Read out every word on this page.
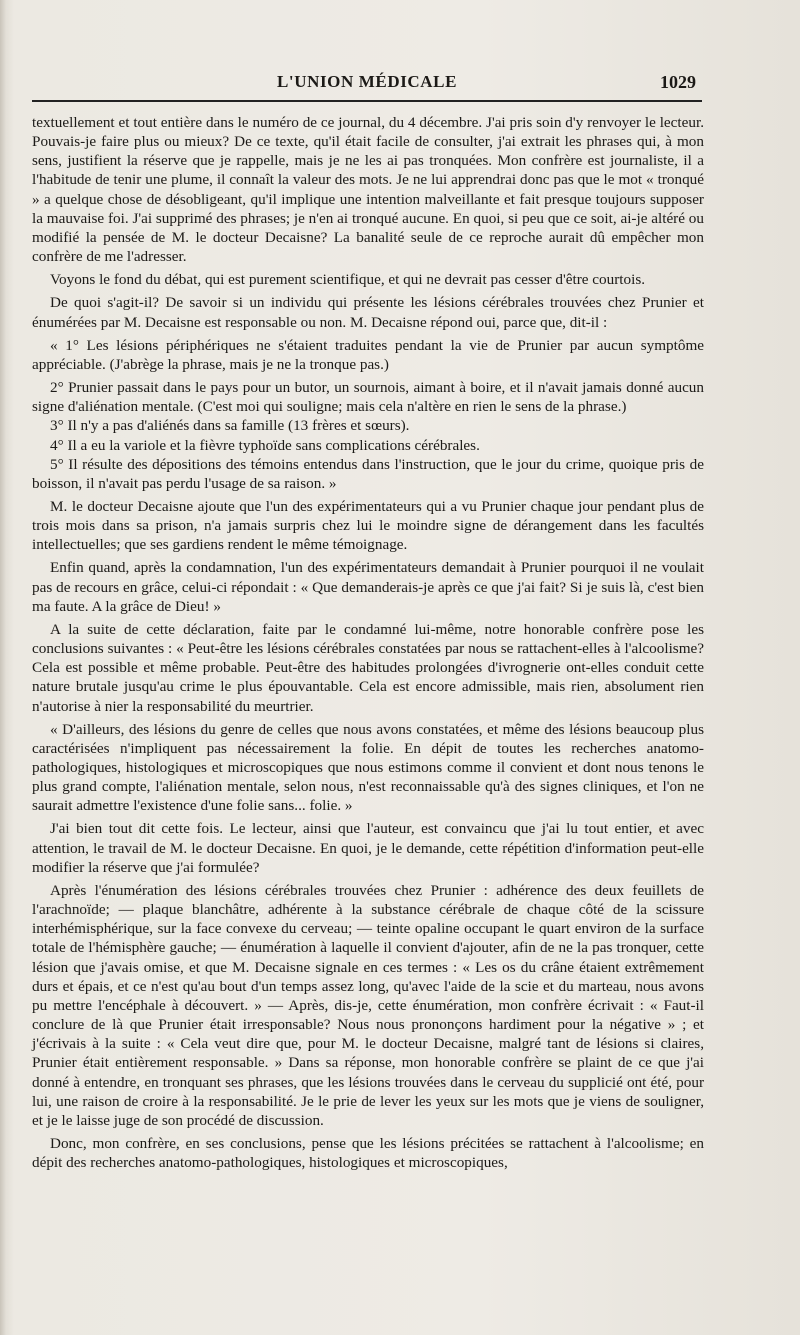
L'UNION MÉDICALE	1029

textuellement et tout entière dans le numéro de ce journal, du 4 décembre. J'ai pris soin d'y renvoyer le lecteur. Pouvais-je faire plus ou mieux? De ce texte, qu'il était facile de consulter, j'ai extrait les phrases qui, à mon sens, justifient la réserve que je rappelle, mais je ne les ai pas tronquées. Mon confrère est journaliste, il a l'habitude de tenir une plume, il connaît la valeur des mots. Je ne lui apprendrai donc pas que le mot « tronqué » a quelque chose de désobligeant, qu'il implique une intention malveillante et fait presque toujours supposer la mauvaise foi. J'ai supprimé des phrases; je n'en ai tronqué aucune. En quoi, si peu que ce soit, ai-je altéré ou modifié la pensée de M. le docteur Decaisne? La banalité seule de ce reproche aurait dû empêcher mon confrère de me l'adresser.

Voyons le fond du débat, qui est purement scientifique, et qui ne devrait pas cesser d'être courtois.

De quoi s'agit-il? De savoir si un individu qui présente les lésions cérébrales trouvées chez Prunier et énumérées par M. Decaisne est responsable ou non. M. Decaisne répond oui, parce que, dit-il :

« 1° Les lésions périphériques ne s'étaient traduites pendant la vie de Prunier par aucun symptôme appréciable. (J'abrège la phrase, mais je ne la tronque pas.)

2° Prunier passait dans le pays pour un butor, un sournois, aimant à boire, et il n'avait jamais donné aucun signe d'aliénation mentale. (C'est moi qui souligne; mais cela n'altère en rien le sens de la phrase.)

3° Il n'y a pas d'aliénés dans sa famille (13 frères et sœurs).

4° Il a eu la variole et la fièvre typhoïde sans complications cérébrales.

5° Il résulte des dépositions des témoins entendus dans l'instruction, que le jour du crime, quoique pris de boisson, il n'avait pas perdu l'usage de sa raison. »

M. le docteur Decaisne ajoute que l'un des expérimentateurs qui a vu Prunier chaque jour pendant plus de trois mois dans sa prison, n'a jamais surpris chez lui le moindre signe de dérangement dans les facultés intellectuelles; que ses gardiens rendent le même témoignage.

Enfin quand, après la condamnation, l'un des expérimentateurs demandait à Prunier pourquoi il ne voulait pas de recours en grâce, celui-ci répondait : « Que demanderais-je après ce que j'ai fait? Si je suis là, c'est bien ma faute. A la grâce de Dieu! »

A la suite de cette déclaration, faite par le condamné lui-même, notre honorable confrère pose les conclusions suivantes : « Peut-être les lésions cérébrales constatées par nous se rattachent-elles à l'alcoolisme? Cela est possible et même probable. Peut-être des habitudes prolongées d'ivrognerie ont-elles conduit cette nature brutale jusqu'au crime le plus épouvantable. Cela est encore admissible, mais rien, absolument rien n'autorise à nier la responsabilité du meurtrier.

« D'ailleurs, des lésions du genre de celles que nous avons constatées, et même des lésions beaucoup plus caractérisées n'impliquent pas nécessairement la folie. En dépit de toutes les recherches anatomo-pathologiques, histologiques et microscopiques que nous estimons comme il convient et dont nous tenons le plus grand compte, l'aliénation mentale, selon nous, n'est reconnaissable qu'à des signes cliniques, et l'on ne saurait admettre l'existence d'une folie sans... folie. »

J'ai bien tout dit cette fois. Le lecteur, ainsi que l'auteur, est convaincu que j'ai lu tout entier, et avec attention, le travail de M. le docteur Decaisne. En quoi, je le demande, cette répétition d'information peut-elle modifier la réserve que j'ai formulée?

Après l'énumération des lésions cérébrales trouvées chez Prunier : adhérence des deux feuillets de l'arachnoïde; — plaque blanchâtre, adhérente à la substance cérébrale de chaque côté de la scissure interhémisphérique, sur la face convexe du cerveau; — teinte opaline occupant le quart environ de la surface totale de l'hémisphère gauche; — énumération à laquelle il convient d'ajouter, afin de ne la pas tronquer, cette lésion que j'avais omise, et que M. Decaisne signale en ces termes : « Les os du crâne étaient extrêmement durs et épais, et ce n'est qu'au bout d'un temps assez long, qu'avec l'aide de la scie et du marteau, nous avons pu mettre l'encéphale à découvert. » — Après, dis-je, cette énumération, mon confrère écrivait : « Faut-il conclure de là que Prunier était irresponsable? Nous nous prononçons hardiment pour la négative » ; et j'écrivais à la suite : « Cela veut dire que, pour M. le docteur Decaisne, malgré tant de lésions si claires, Prunier était entièrement responsable. » Dans sa réponse, mon honorable confrère se plaint de ce que j'ai donné à entendre, en tronquant ses phrases, que les lésions trouvées dans le cerveau du supplicié ont été, pour lui, une raison de croire à la responsabilité. Je le prie de lever les yeux sur les mots que je viens de souligner, et je le laisse juge de son procédé de discussion.

Donc, mon confrère, en ses conclusions, pense que les lésions précitées se rattachent à l'alcoolisme; en dépit des recherches anatomo-pathologiques, histologiques et microscopiques,
